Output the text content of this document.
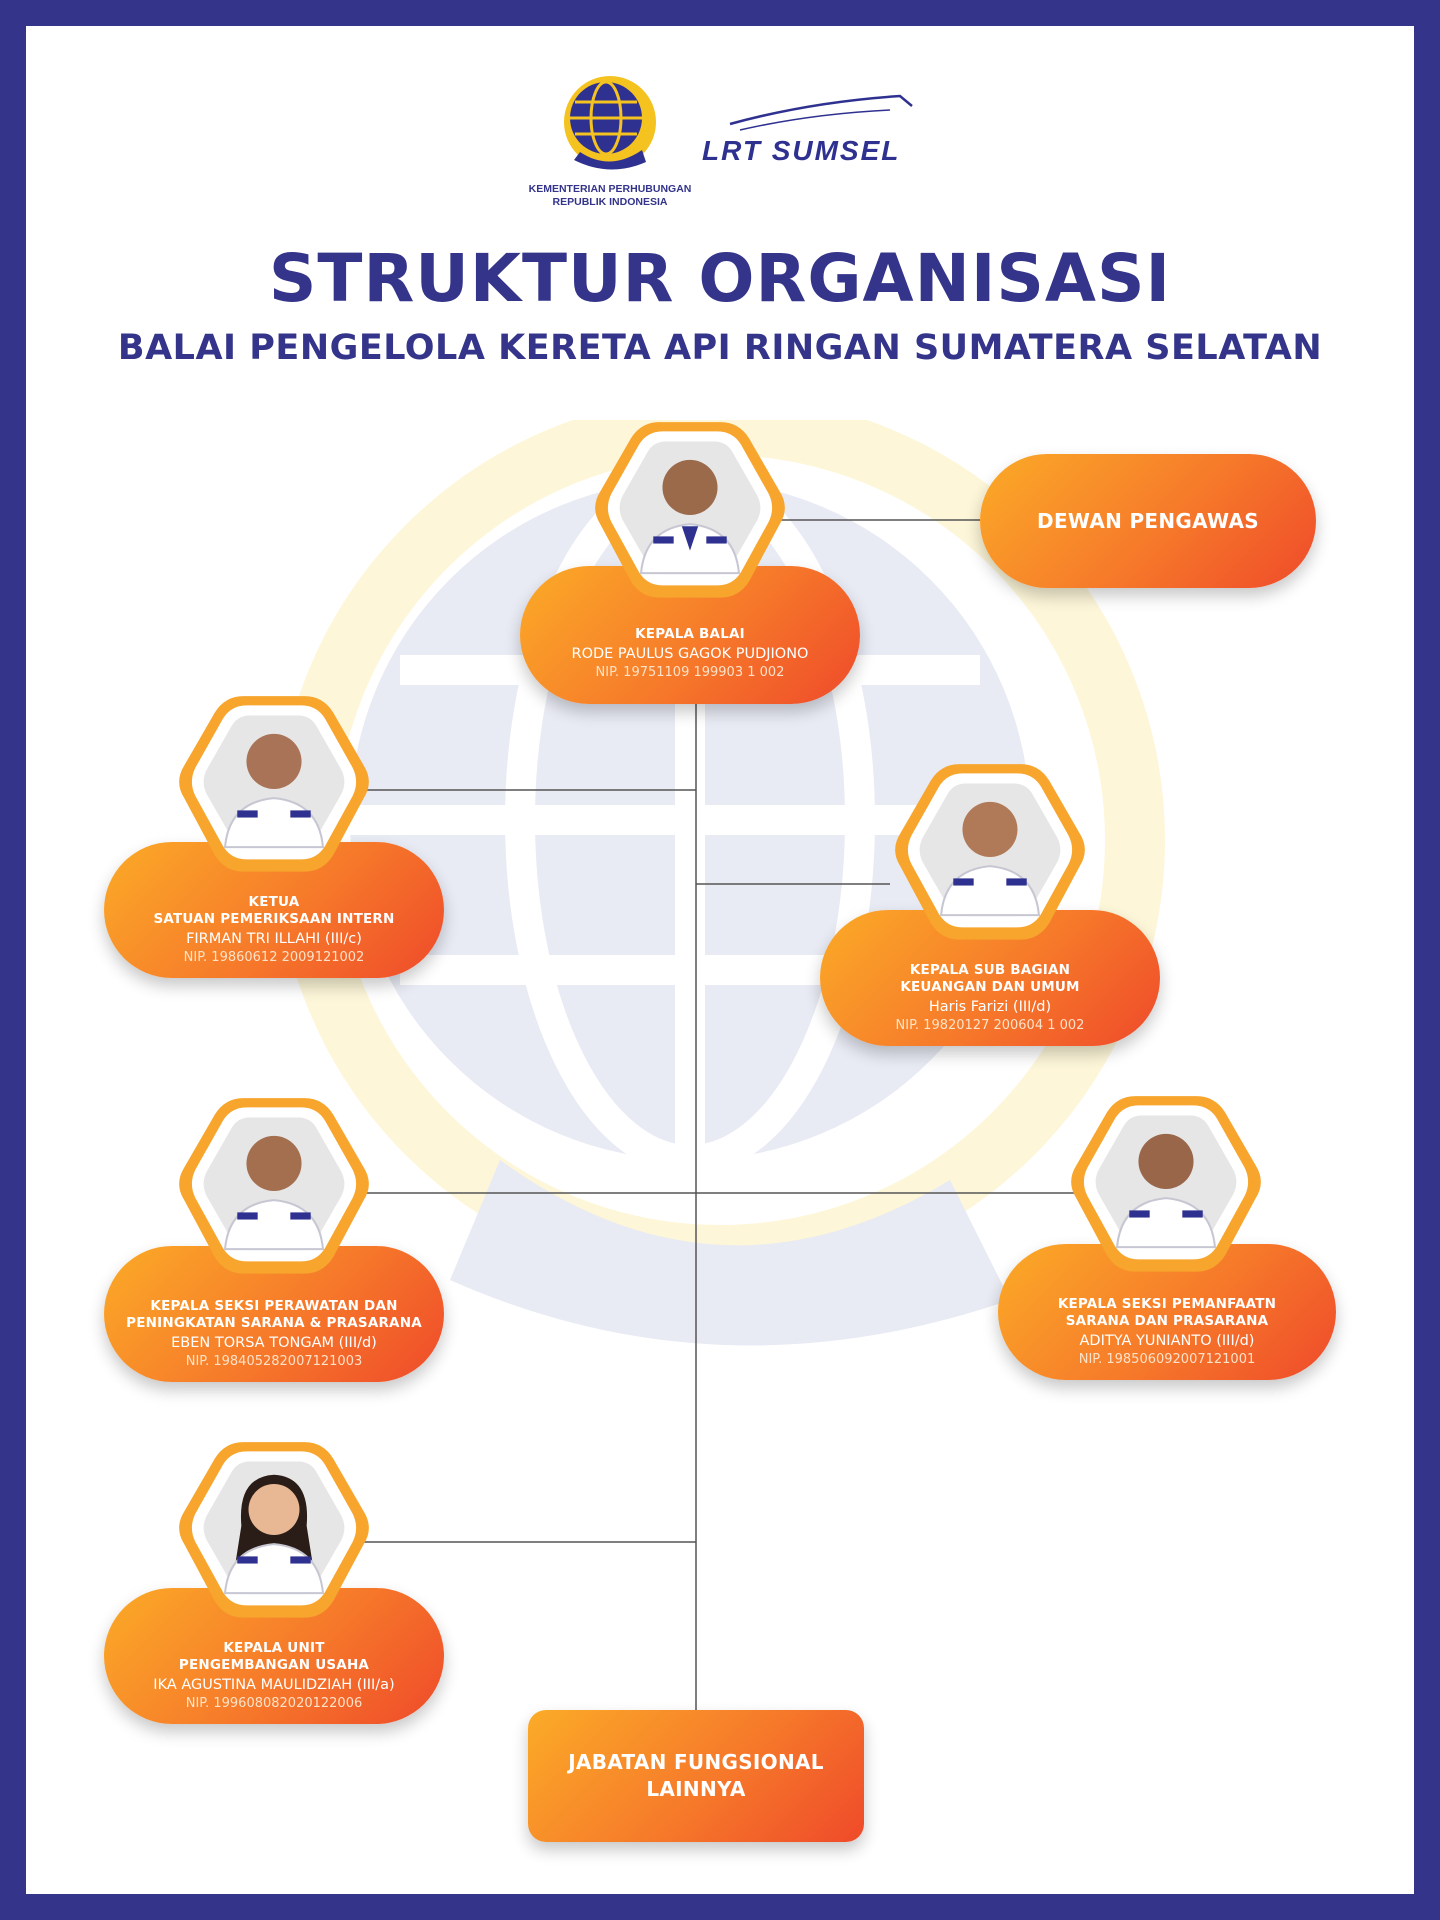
KEMENTERIAN PERHUBUNGAN
REPUBLIK INDONESIA
LRT SUMSEL
STRUKTUR ORGANISASI
BALAI PENGELOLA KERETA API RINGAN SUMATERA SELATAN
KEPALA BALAI
RODE PAULUS GAGOK PUDJIONO
NIP. 19751109 199903 1 002
DEWAN PENGAWAS
KETUA
SATUAN PEMERIKSAAN INTERN
FIRMAN TRI ILLAHI (III/c)
NIP. 19860612 2009121002
KEPALA SUB BAGIAN
KEUANGAN DAN UMUM
Haris Farizi (III/d)
NIP. 19820127 200604 1 002
KEPALA SEKSI PERAWATAN DAN
PENINGKATAN SARANA & PRASARANA
EBEN TORSA TONGAM (III/d)
NIP. 198405282007121003
KEPALA SEKSI PEMANFAATN
SARANA DAN PRASARANA
ADITYA YUNIANTO (III/d)
NIP. 198506092007121001
KEPALA UNIT
PENGEMBANGAN USAHA
IKA AGUSTINA MAULIDZIAH (III/a)
NIP. 199608082020122006
JABATAN FUNGSIONAL
LAINNYA
